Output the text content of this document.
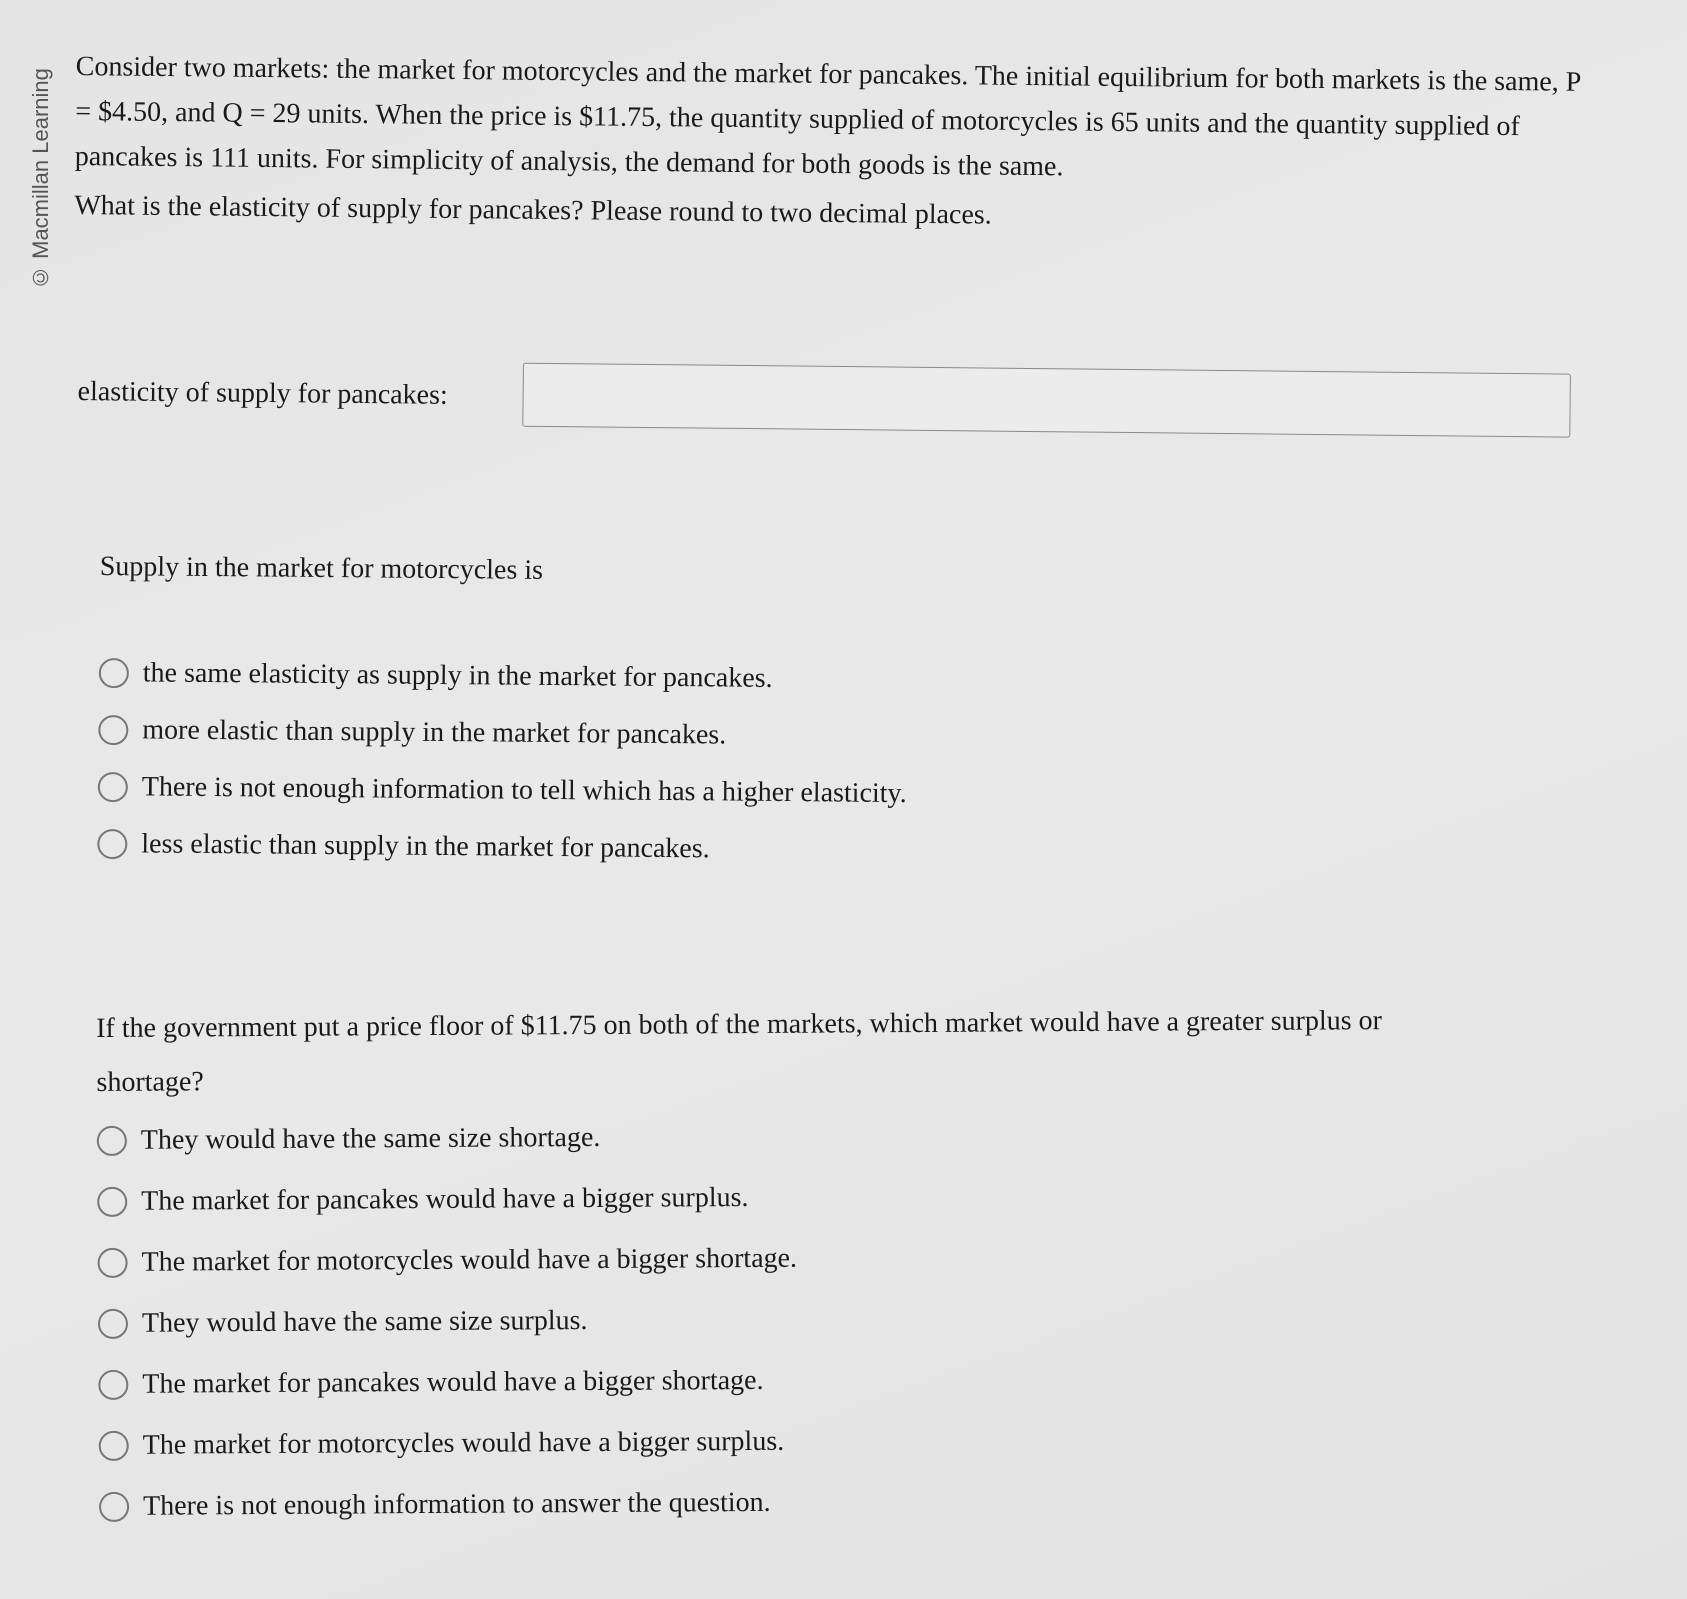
© Macmillan Learning Consider two markets: the market for motorcycles and the market for pancakes. The initial equilibrium for both markets is the same, P = $4.50, and Q = 29 units. When the price is $11.75, the quantity supplied of motorcycles is 65 units and the quantity supplied of pancakes is 111 units. For simplicity of analysis, the demand for both goods is the same.

What is the elasticity of supply for pancakes? Please round to two decimal places.

elasticity of supply for pancakes:

Supply in the market for motorcycles is

the same elasticity as supply in the market for pancakes.
more elastic than supply in the market for pancakes.
There is not enough information to tell which has a higher elasticity.
less elastic than supply in the market for pancakes.

If the government put a price floor of $11.75 on both of the markets, which market would have a greater surplus or shortage?

They would have the same size shortage.
The market for pancakes would have a bigger surplus.
The market for motorcycles would have a bigger shortage.
They would have the same size surplus.
The market for pancakes would have a bigger shortage.
The market for motorcycles would have a bigger surplus.
There is not enough information to answer the question.
